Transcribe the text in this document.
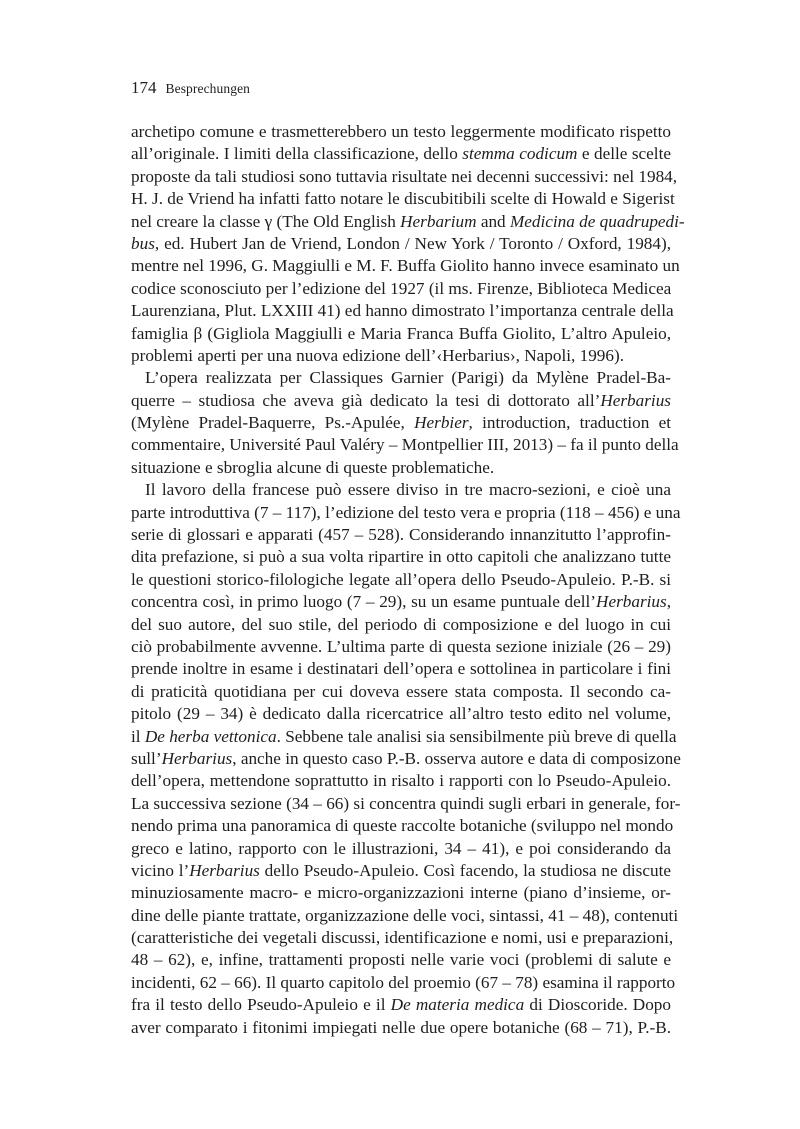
174 Besprechungen
archetipo comune e trasmetterebbero un testo leggermente modificato rispetto
all’originale. I limiti della classificazione, dello stemma codicum e delle scelte
proposte da tali studiosi sono tuttavia risultate nei decenni successivi: nel 1984,
H. J. de Vriend ha infatti fatto notare le discubitibili scelte di Howald e Sigerist
nel creare la classe γ (The Old English Herbarium and Medicina de quadrupedi-
bus, ed. Hubert Jan de Vriend, London / New York / Toronto / Oxford, 1984),
mentre nel 1996, G. Maggiulli e M. F. Buffa Giolito hanno invece esaminato un
codice sconosciuto per l’edizione del 1927 (il ms. Firenze, Biblioteca Medicea
Laurenziana, Plut. LXXIII 41) ed hanno dimostrato l’importanza centrale della
famiglia β (Gigliola Maggiulli e Maria Franca Buffa Giolito, L’altro Apuleio,
problemi aperti per una nuova edizione dell’‹Herbarius›, Napoli, 1996).
L’opera realizzata per Classiques Garnier (Parigi) da Mylène Pradel-Ba-
querre – studiosa che aveva già dedicato la tesi di dottorato all’Herbarius
(Mylène Pradel-Baquerre, Ps.-Apulée, Herbier, introduction, traduction et
commentaire, Université Paul Valéry – Montpellier III, 2013) – fa il punto della
situazione e sbroglia alcune di queste problematiche.
Il lavoro della francese può essere diviso in tre macro-sezioni, e cioè una
parte introduttiva (7 – 117), l’edizione del testo vera e propria (118 – 456) e una
serie di glossari e apparati (457 – 528). Considerando innanzitutto l’approfin-
dita prefazione, si può a sua volta ripartire in otto capitoli che analizzano tutte
le questioni storico-filologiche legate all’opera dello Pseudo-Apuleio. P.-B. si
concentra così, in primo luogo (7 – 29), su un esame puntuale dell’Herbarius,
del suo autore, del suo stile, del periodo di composizione e del luogo in cui
ciò probabilmente avvenne. L’ultima parte di questa sezione iniziale (26 – 29)
prende inoltre in esame i destinatari dell’opera e sottolinea in particolare i fini
di praticità quotidiana per cui doveva essere stata composta. Il secondo ca-
pitolo (29 – 34) è dedicato dalla ricercatrice all’altro testo edito nel volume,
il De herba vettonica. Sebbene tale analisi sia sensibilmente più breve di quella
sull’Herbarius, anche in questo caso P.-B. osserva autore e data di composizone
dell’opera, mettendone soprattutto in risalto i rapporti con lo Pseudo-Apuleio.
La successiva sezione (34 – 66) si concentra quindi sugli erbari in generale, for-
nendo prima una panoramica di queste raccolte botaniche (sviluppo nel mondo
greco e latino, rapporto con le illustrazioni, 34 – 41), e poi considerando da
vicino l’Herbarius dello Pseudo-Apuleio. Così facendo, la studiosa ne discute
minuziosamente macro- e micro-organizzazioni interne (piano d’insieme, or-
dine delle piante trattate, organizzazione delle voci, sintassi, 41 – 48), contenuti
(caratteristiche dei vegetali discussi, identificazione e nomi, usi e preparazioni,
48 – 62), e, infine, trattamenti proposti nelle varie voci (problemi di salute e
incidenti, 62 – 66). Il quarto capitolo del proemio (67 – 78) esamina il rapporto
fra il testo dello Pseudo-Apuleio e il De materia medica di Dioscoride. Dopo
aver comparato i fitonimi impiegati nelle due opere botaniche (68 – 71), P.-B.
